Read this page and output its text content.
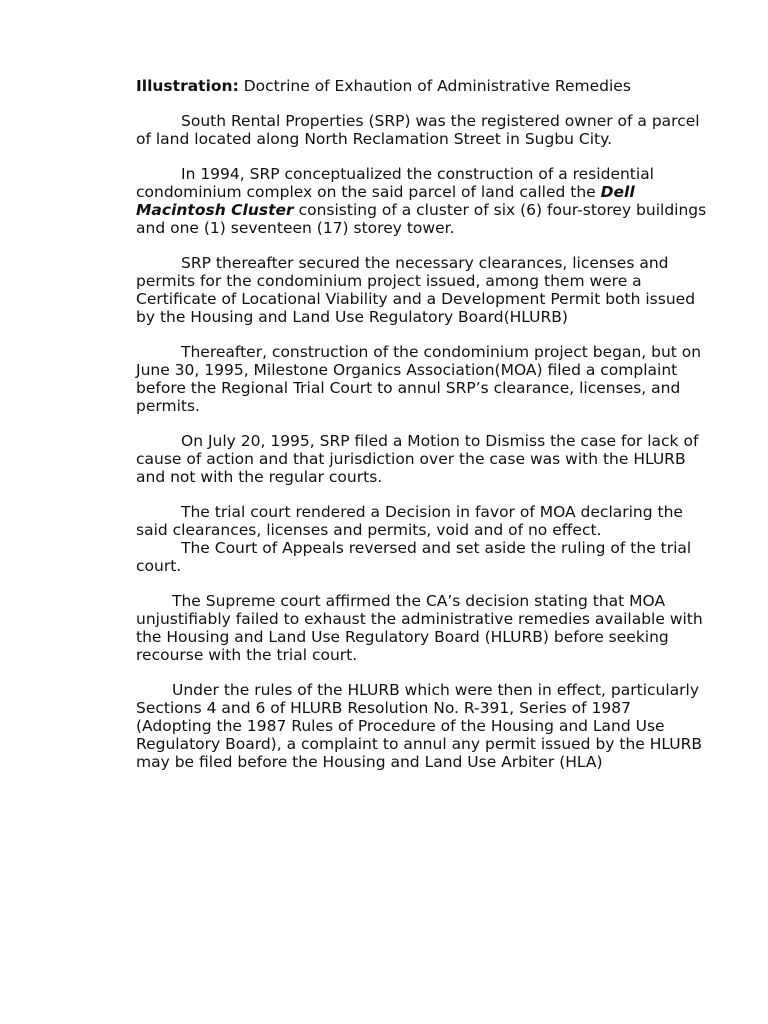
Illustration: Doctrine of Exhaution of Administrative Remedies

South Rental Properties (SRP) was the registered owner of a parcel of land located along North Reclamation Street in Sugbu City.

In 1994, SRP conceptualized the construction of a residential condominium complex on the said parcel of land called the Dell Macintosh Cluster consisting of a cluster of six (6) four-storey buildings and one (1) seventeen (17) storey tower.

SRP thereafter secured the necessary clearances, licenses and permits for the condominium project issued, among them were a Certificate of Locational Viability and a Development Permit both issued by the Housing and Land Use Regulatory Board(HLURB)

Thereafter, construction of the condominium project began, but on June 30, 1995, Milestone Organics Association(MOA) filed a complaint before the Regional Trial Court to annul SRP’s clearance, licenses, and permits.

On July 20, 1995, SRP filed a Motion to Dismiss the case for lack of cause of action and that jurisdiction over the case was with the HLURB and not with the regular courts.

The trial court rendered a Decision in favor of MOA declaring the said clearances, licenses and permits, void and of no effect.

The Court of Appeals reversed and set aside the ruling of the trial court.

The Supreme court affirmed the CA’s decision stating that MOA unjustifiably failed to exhaust the administrative remedies available with the Housing and Land Use Regulatory Board (HLURB) before seeking recourse with the trial court.

Under the rules of the HLURB which were then in effect, particularly Sections 4 and 6 of HLURB Resolution No. R-391, Series of 1987 (Adopting the 1987 Rules of Procedure of the Housing and Land Use Regulatory Board), a complaint to annul any permit issued by the HLURB may be filed before the Housing and Land Use Arbiter (HLA)
